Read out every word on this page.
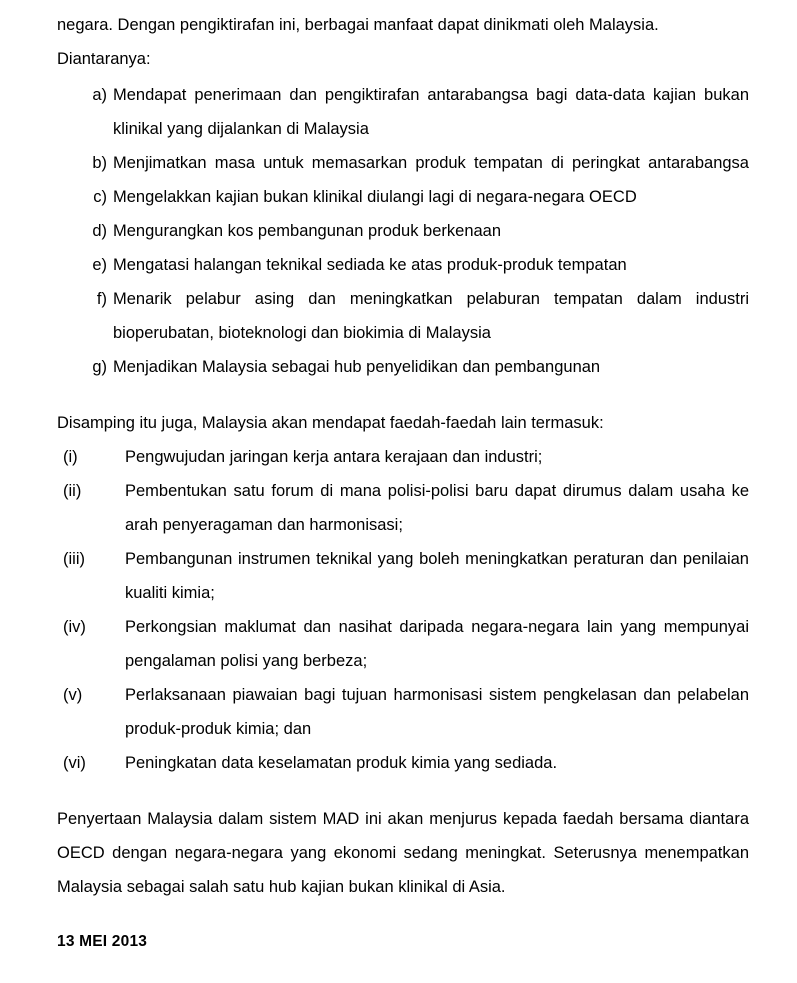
negara. Dengan pengiktirafan ini, berbagai manfaat dapat dinikmati oleh Malaysia.

Diantaranya:

a) Mendapat penerimaan dan pengiktirafan antarabangsa bagi data-data kajian bukan klinikal yang dijalankan di Malaysia
b) Menjimatkan masa untuk memasarkan produk tempatan di peringkat antarabangsa
c) Mengelakkan kajian bukan klinikal diulangi lagi di negara-negara OECD
d) Mengurangkan kos pembangunan produk berkenaan
e) Mengatasi halangan teknikal sediada ke atas produk-produk tempatan
f) Menarik pelabur asing dan meningkatkan pelaburan tempatan dalam industri bioperubatan, bioteknologi dan biokimia di Malaysia
g) Menjadikan Malaysia sebagai hub penyelidikan dan pembangunan

Disamping itu juga, Malaysia akan mendapat faedah-faedah lain termasuk:

(i)	Pengwujudan jaringan kerja antara kerajaan dan industri;
(ii)	Pembentukan satu forum di mana polisi-polisi baru dapat dirumus dalam usaha ke arah penyeragaman dan harmonisasi;
(iii)	Pembangunan instrumen teknikal yang boleh meningkatkan peraturan dan penilaian kualiti kimia;
(iv)	Perkongsian maklumat dan nasihat daripada negara-negara lain yang mempunyai pengalaman polisi yang berbeza;
(v)	Perlaksanaan piawaian bagi tujuan harmonisasi sistem pengkelasan dan pelabelan produk-produk kimia; dan
(vi)	Peningkatan data keselamatan produk kimia yang sediada.

Penyertaan Malaysia dalam sistem MAD ini akan menjurus kepada faedah bersama diantara OECD dengan negara-negara yang ekonomi sedang meningkat. Seterusnya menempatkan Malaysia sebagai salah satu hub kajian bukan klinikal di Asia.

13 MEI 2013
